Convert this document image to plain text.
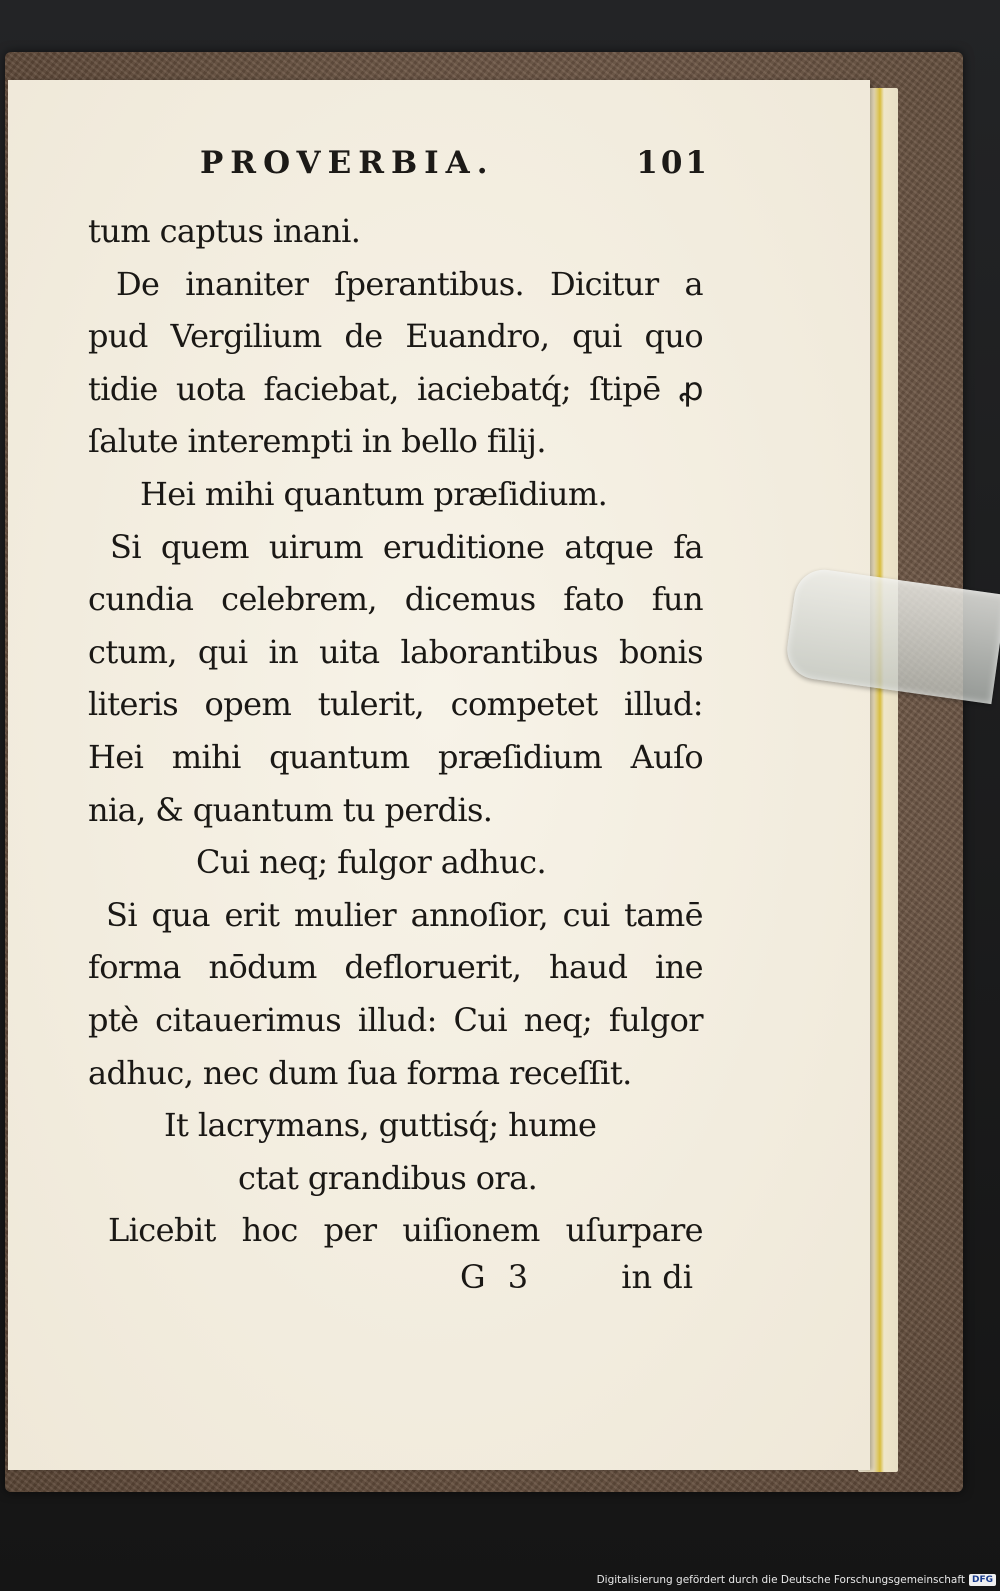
PROVERBIA.	101
tum captus inani.
De inaniter ſperantibus. Dicitur a
pud Vergilium de Euandro, qui quo
tidie uota faciebat, iaciebatq́; ſtipē ꝓ
ſalute interempti in bello filij.
Hei mihi quantum præſidium.
Si quem uirum eruditione atque fa
cundia celebrem, dicemus fato fun
ctum, qui in uita laborantibus bonis
literis opem tulerit, competet illud:
Hei mihi quantum præſidium Auſo
nia, & quantum tu perdis.
Cui neq; fulgor adhuc.
Si qua erit mulier annoſior, cui tamē
forma nōdum defloruerit, haud ine
ptè citauerimus illud: Cui neq; fulgor
adhuc, nec dum ſua forma receſſit.
It lacrymans, guttisq́; hume
ctat grandibus ora.
Licebit hoc per uiſionem uſurpare
G 3	in di
Digitalisierung gefördert durch die Deutsche Forschungsgemeinschaft DFG
